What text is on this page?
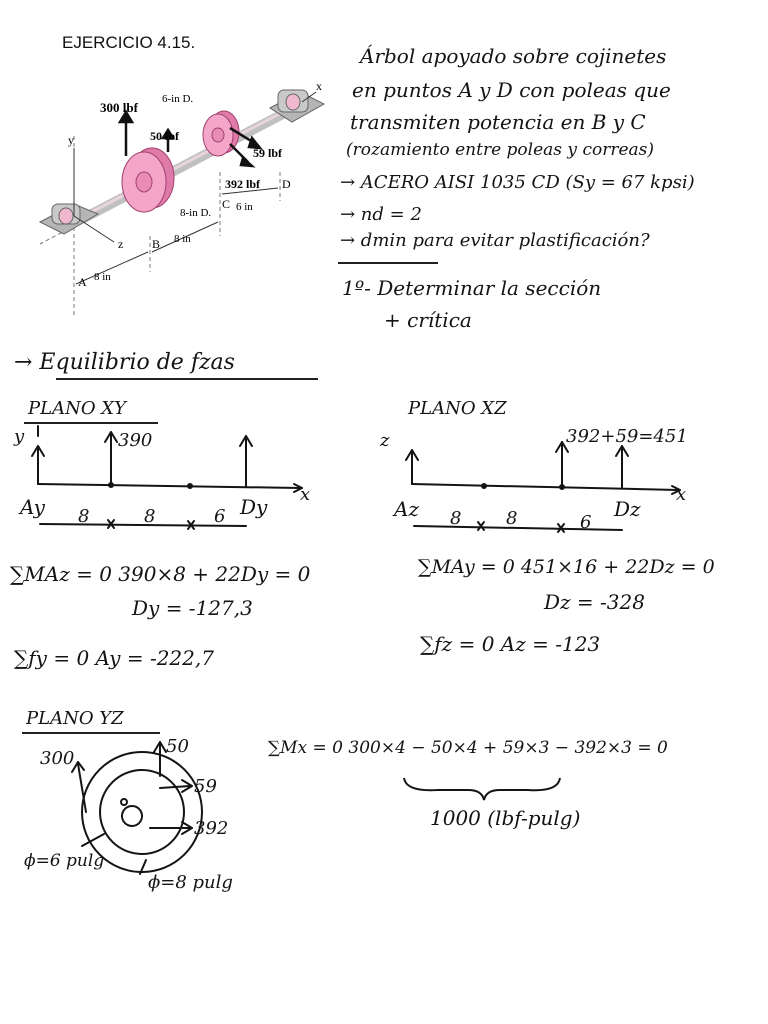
EJERCICIO 4.15.
300 lbf
50 lbf
59 lbf
392 lbf
6-in D.
8-in D.
8 in
8 in
6 in
A
B
C
D
x
y
z
Árbol apoyado sobre cojinetes
en puntos A y D con poleas que
transmiten potencia en B y C
(rozamiento entre poleas y correas)
→ ACERO AISI 1035 CD (Sy = 67 kpsi)
→ nd = 2
→ dmin para evitar plastificación?
1º- Determinar la sección
+ crítica
→ Equilibrio de fzas
PLANO XY
y
x
390
Ay	Dy
8	8	6
∑MAz = 0 390×8 + 22Dy = 0
Dy = -127,3
∑fy = 0 Ay = -222,7
PLANO XZ
z
x
392+59=451
Az	Dz
8 8	6
∑MAy = 0 451×16 + 22Dz = 0
Dz = -328
∑fz = 0 Az = -123
PLANO YZ
300
50
59
392
ϕ=6 pulg
ϕ=8 pulg
∑Mx = 0 300×4 − 50×4 + 59×3 − 392×3 = 0
1000 (lbf-pulg)
